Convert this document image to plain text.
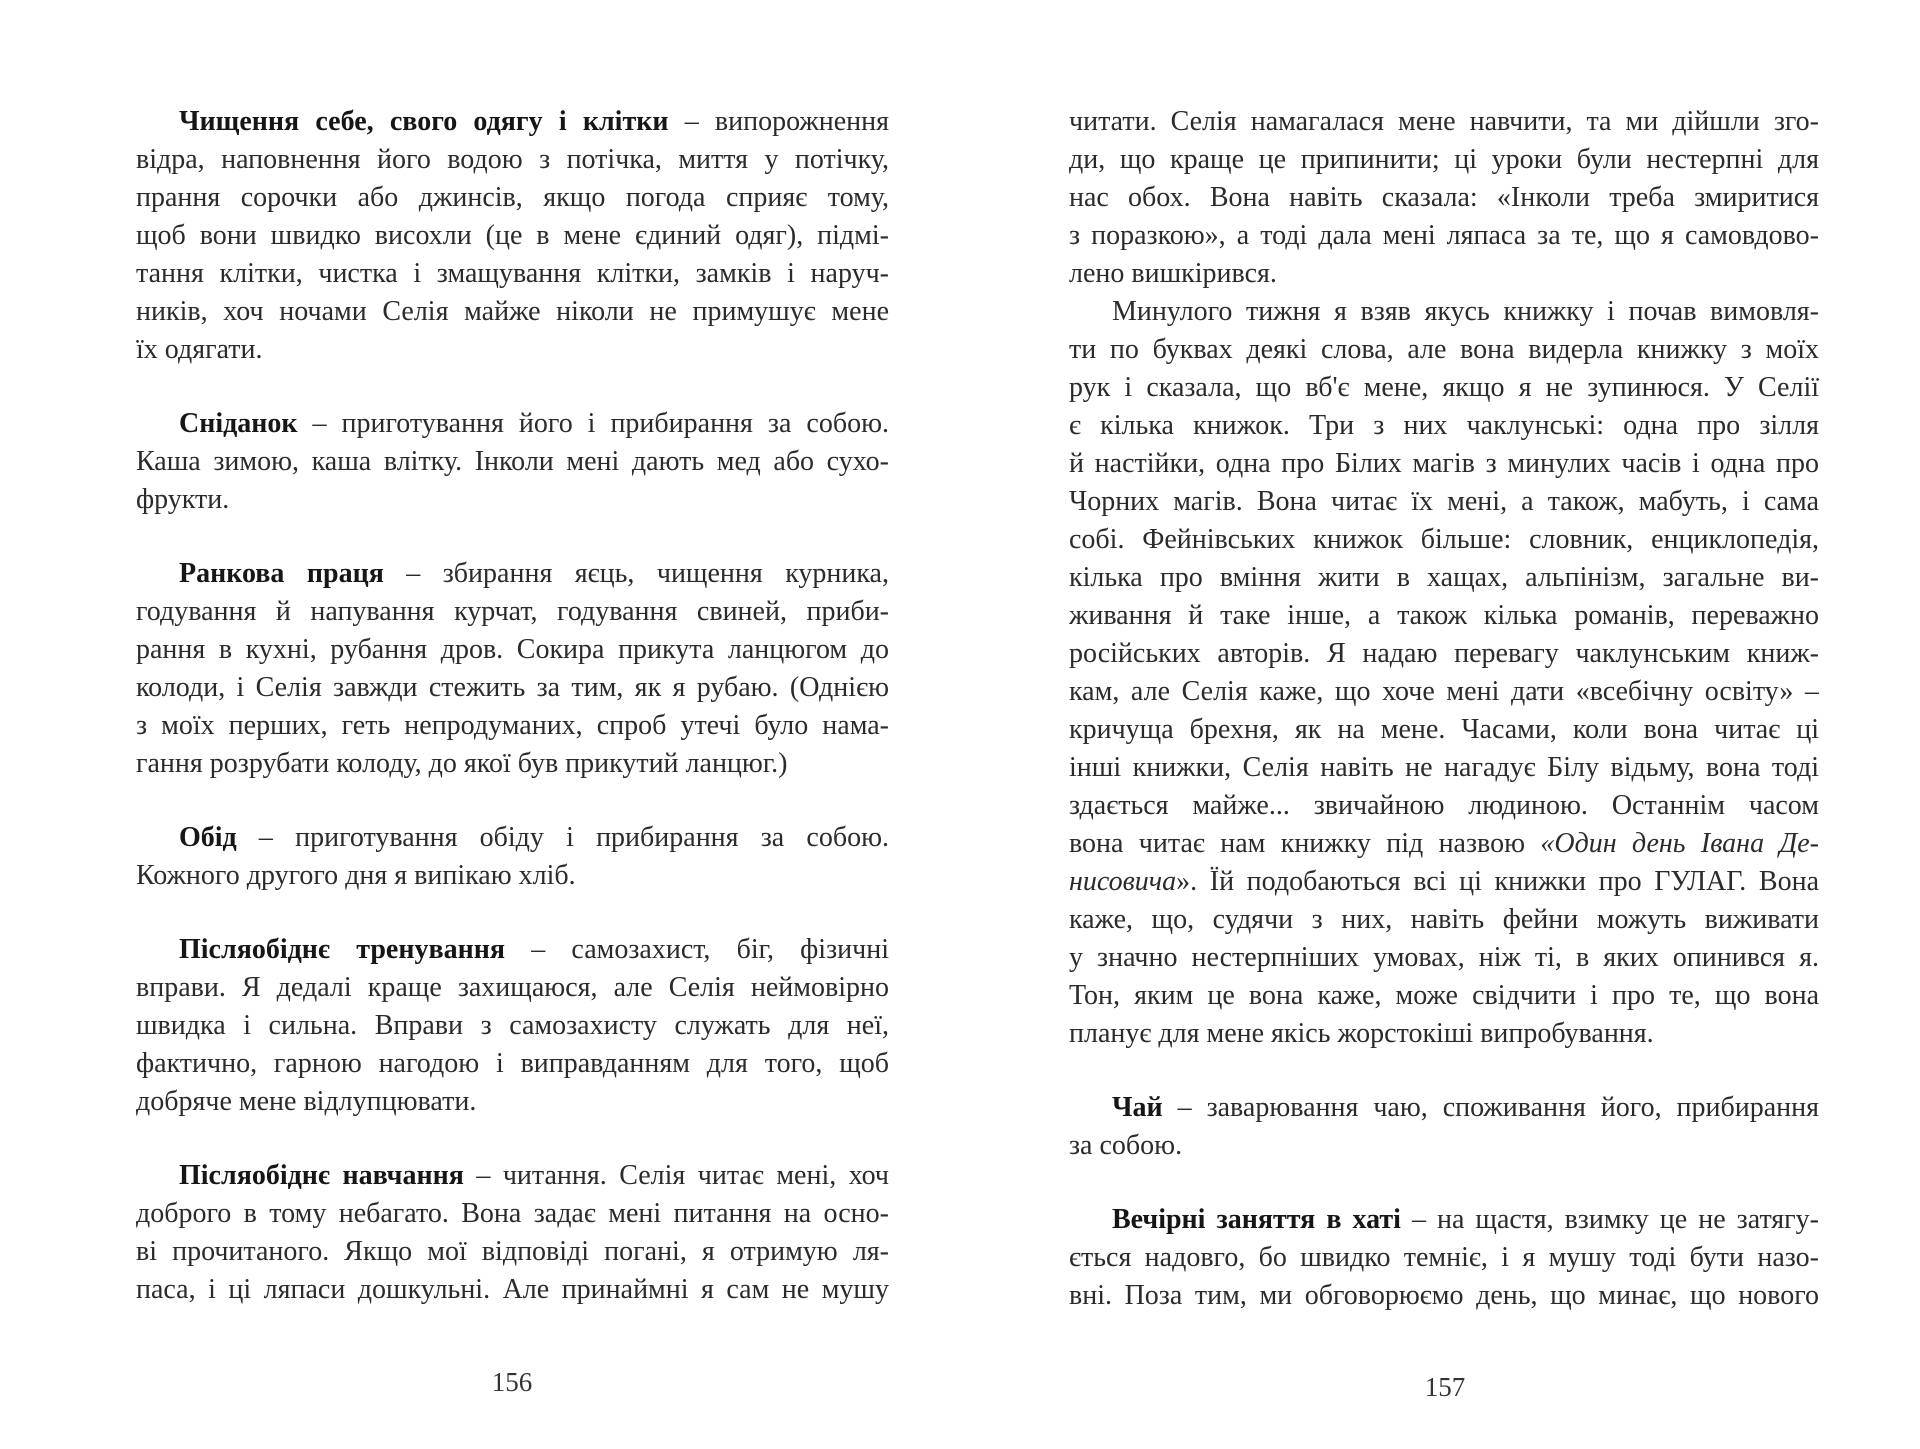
Чищення себе, свого одягу і клітки – випорожнення
відра, наповнення його водою з потічка, миття у потічку,
прання сорочки або джинсів, якщо погода сприяє тому,
щоб вони швидко висохли (це в мене єдиний одяг), підмі-
тання клітки, чистка і змащування клітки, замків і наруч-
ників, хоч ночами Селія майже ніколи не примушує мене
їх одягати.
Сніданок – приготування його і прибирання за собою.
Каша зимою, каша влітку. Інколи мені дають мед або сухо-
фрукти.
Ранкова праця – збирання яєць, чищення курника,
годування й напування курчат, годування свиней, приби-
рання в кухні, рубання дров. Сокира прикута ланцюгом до
колоди, і Селія завжди стежить за тим, як я рубаю. (Однією
з моїх перших, геть непродуманих, спроб утечі було нама-
гання розрубати колоду, до якої був прикутий ланцюг.)
Обід – приготування обіду і прибирання за собою.
Кожного другого дня я випікаю хліб.
Післяобіднє тренування – самозахист, біг, фізичні
вправи. Я дедалі краще захищаюся, але Селія неймовірно
швидка і сильна. Вправи з самозахисту служать для неї,
фактично, гарною нагодою і виправданням для того, щоб
добряче мене відлупцювати.
Післяобіднє навчання – читання. Селія читає мені, хоч
доброго в тому небагато. Вона задає мені питання на осно-
ві прочитаного. Якщо мої відповіді погані, я отримую ля-
паса, і ці ляпаси дошкульні. Але принаймні я сам не мушу
читати. Селія намагалася мене навчити, та ми дійшли зго-
ди, що краще це припинити; ці уроки були нестерпні для
нас обох. Вона навіть сказала: «Інколи треба змиритися
з поразкою», а тоді дала мені ляпаса за те, що я самовдово-
лено вишкірився.
Минулого тижня я взяв якусь книжку і почав вимовля-
ти по буквах деякі слова, але вона видерла книжку з моїх
рук і сказала, що вб'є мене, якщо я не зупинюся. У Селії
є кілька книжок. Три з них чаклунські: одна про зілля
й настійки, одна про Білих магів з минулих часів і одна про
Чорних магів. Вона читає їх мені, а також, мабуть, і сама
собі. Фейнівських книжок більше: словник, енциклопедія,
кілька про вміння жити в хащах, альпінізм, загальне ви-
живання й таке інше, а також кілька романів, переважно
російських авторів. Я надаю перевагу чаклунським книж-
кам, але Селія каже, що хоче мені дати «всебічну освіту» –
кричуща брехня, як на мене. Часами, коли вона читає ці
інші книжки, Селія навіть не нагадує Білу відьму, вона тоді
здається майже... звичайною людиною. Останнім часом
вона читає нам книжку під назвою «Один день Івана Де-
нисовича». Їй подобаються всі ці книжки про ГУЛАГ. Вона
каже, що, судячи з них, навіть фейни можуть виживати
у значно нестерпніших умовах, ніж ті, в яких опинився я.
Тон, яким це вона каже, може свідчити і про те, що вона
планує для мене якісь жорстокіші випробування.
Чай – заварювання чаю, споживання його, прибирання
за собою.
Вечірні заняття в хаті – на щастя, взимку це не затягу-
ється надовго, бо швидко темніє, і я мушу тоді бути назо-
вні. Поза тим, ми обговорюємо день, що минає, що нового
156	157
